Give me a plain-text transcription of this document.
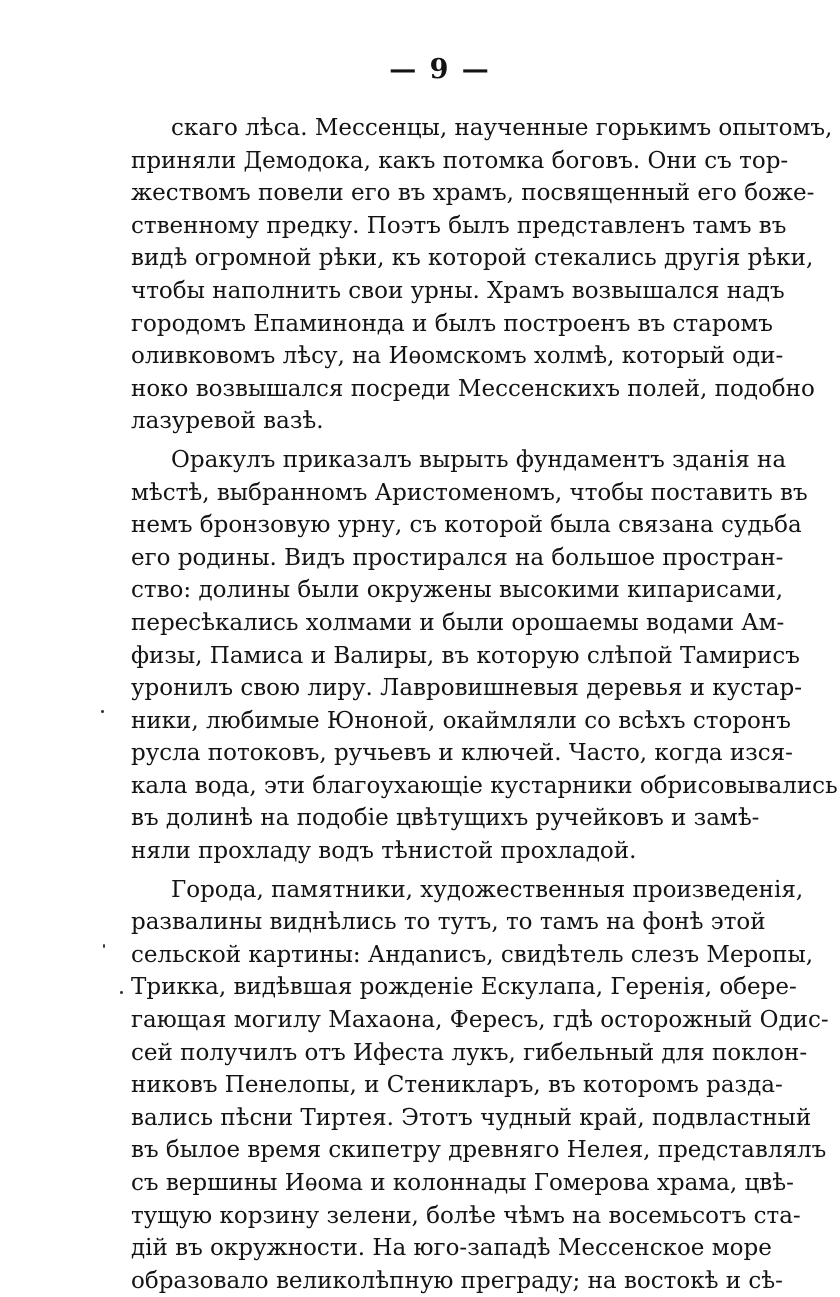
— 9 —
скаго лѣса. Мессенцы, наученные горькимъ опытомъ,
приняли Демодока, какъ потомка боговъ. Они съ тор-
жествомъ повели его въ храмъ, посвященный его боже-
ственному предку. Поэтъ былъ представленъ тамъ въ
видѣ огромной рѣки, къ которой стекались другія рѣки,
чтобы наполнить свои урны. Храмъ возвышался надъ
городомъ Епаминонда и былъ построенъ въ старомъ
оливковомъ лѣсу, на Иѳомскомъ холмѣ, который оди-
ноко возвышался посреди Мессенскихъ полей, подобно
лазуревой вазѣ.
Оракулъ приказалъ вырыть фундаментъ зданія на
мѣстѣ, выбранномъ Аристоменомъ, чтобы поставить въ
немъ бронзовую урну, съ которой была связана судьба
его родины. Видъ простирался на большое простран-
ство: долины были окружены высокими кипарисами,
пересѣкались холмами и были орошаемы водами Ам-
физы, Памиса и Валиры, въ которую слѣпой Тамирисъ
уронилъ свою лиру. Лавровишневыя деревья и кустар-
ники, любимые Юноной, окаймляли со всѣхъ сторонъ
русла потоковъ, ручьевъ и ключей. Часто, когда изся-
кала вода, эти благоухающіе кустарники обрисовывались
въ долинѣ на подобіе цвѣтущихъ ручейковъ и замѣ-
няли прохладу водъ тѣнистой прохладой.
Города, памятники, художественныя произведенія,
развалины виднѣлись то тутъ, то тамъ на фонѣ этой
сельской картины: Андanисъ, свидѣтель слезъ Меропы,
Трикка, видѣвшая рожденіе Ескулапа, Геренія, обере-
гающая могилу Махаона, Фересъ, гдѣ осторожный Одис-
сей получилъ отъ Ифеста лукъ, гибельный для поклон-
никовъ Пенелопы, и Стениклаpъ, въ которомъ разда-
вались пѣсни Тиртея. Этотъ чудный край, подвластный
въ былое время скипетру древняго Нелея, представлялъ
съ вершины Иѳома и колоннады Гомерова храма, цвѣ-
тущую корзину зелени, болѣе чѣмъ на восемьсотъ ста-
дій въ окружности. На юго-западѣ Мессенское море
образовало великолѣпную преграду; на востокѣ и сѣ-
